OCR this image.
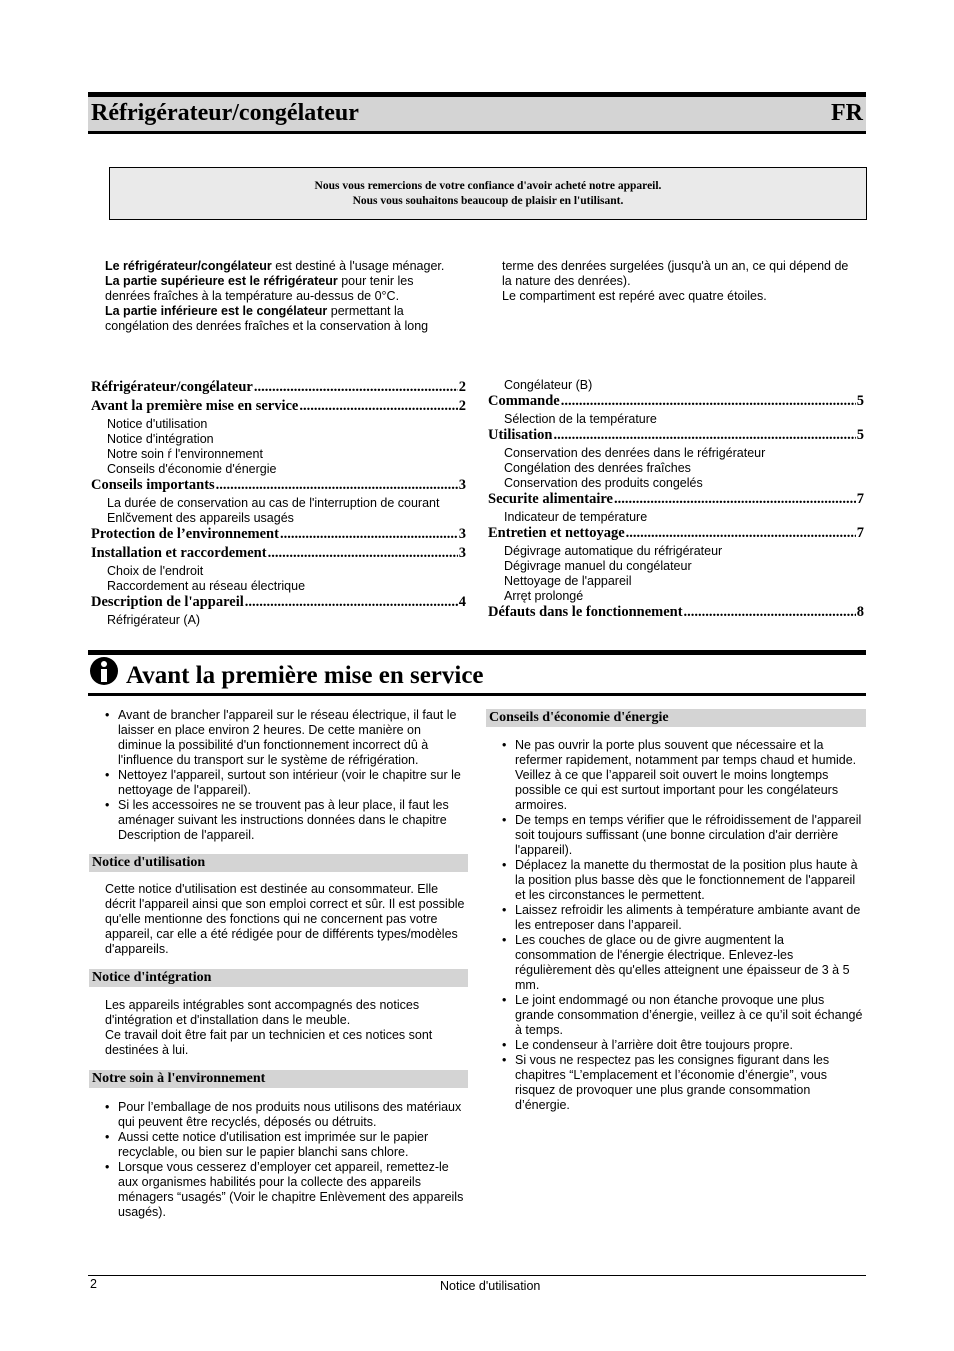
Réfrigérateur/congélateur	FR
Nous vous remercions de votre confiance d'avoir acheté notre appareil.
Nous vous souhaitons beaucoup de plaisir en l'utilisant.
Le réfrigérateur/congélateur est destiné à l'usage ménager.
La partie supérieure est le réfrigérateur pour tenir les
denrées fraîches à la température au-dessus de 0°C.
La partie inférieure est le congélateur permettant la
congélation des denrées fraîches et la conservation à long
terme des denrées surgelées (jusqu'à un an, ce qui dépend de
la nature des denrées).
Le compartiment est repéré avec quatre étoiles.
Réfrigérateur/congélateur .....	2
Avant la première mise en service .....	2
Notice d'utilisation
Notice d'intégration
Notre soin ŕ l'environnement
Conseils d'économie d'énergie
Conseils importants .....	3
La durée de conservation au cas de l'interruption de courant
Enlčvement des appareils usagés
Protection de l’environnement .....	3
Installation et raccordement .....	3
Choix de l'endroit
Raccordement au réseau électrique
Description de l'appareil .....	4
Réfrigérateur (A)
Congélateur (B)
Commande .....	5
Sélection de la température
Utilisation .....	5
Conservation des denrées dans le réfrigérateur
Congélation des denrées fraîches
Conservation des produits congelés
Securite alimentaire .....	7
Indicateur de température
Entretien et nettoyage .....	7
Dégivrage automatique du réfrigérateur
Dégivrage manuel du congélateur
Nettoyage de l'appareil
Arręt prolongé
Défauts dans le fonctionnement .....	8
Avant la première mise en service
• Avant de brancher l'appareil sur le réseau électrique, il faut le laisser en place environ 2 heures. De cette manière on diminue la possibilité d'un fonctionnement incorrect dû à l'influence du transport sur le système de réfrigération.
• Nettoyez l'appareil, surtout son intérieur (voir le chapitre sur le nettoyage de l'appareil).
• Si les accessoires ne se trouvent pas à leur place, il faut les aménager suivant les instructions données dans le chapitre Description de l'appareil.
Notice d'utilisation
Cette notice d'utilisation est destinée au consommateur. Elle décrit l'appareil ainsi que son emploi correct et sûr. Il est possible qu'elle mentionne des fonctions qui ne concernent pas votre appareil, car elle a été rédigée pour de différents types/modèles d'appareils.
Notice d'intégration
Les appareils intégrables sont accompagnés des notices d'intégration et d'installation dans le meuble.
Ce travail doit être fait par un technicien et ces notices sont destinées à lui.
Notre soin à l'environnement
• Pour l’emballage de nos produits nous utilisons des matériaux qui peuvent être recyclés, déposés ou détruits.
• Aussi cette notice d'utilisation est imprimée sur le papier recyclable, ou bien sur le papier blanchi sans chlore.
• Lorsque vous cesserez d’employer cet appareil, remettez-le aux organismes habilités pour la collecte des appareils ménagers “usagés” (Voir le chapitre Enlèvement des appareils usagés).
Conseils d'économie d'énergie
• Ne pas ouvrir la porte plus souvent que nécessaire et la refermer rapidement, notamment par temps chaud et humide. Veillez à ce que l’appareil soit ouvert le moins longtemps possible ce qui est surtout important pour les congélateurs armoires.
• De temps en temps vérifier que le réfroidissement de l'appareil soit toujours suffissant (une bonne circulation d'air derrière l'appareil).
• Déplacez la manette du thermostat de la position plus haute à la position plus basse dès que le fonctionnement de l'appareil et les circonstances le permettent.
• Laissez refroidir les aliments à température ambiante avant de les entreposer dans l’appareil.
• Les couches de glace ou de givre augmentent la consommation de l'énergie électrique. Enlevez-les régulièrement dès qu'elles atteignent une épaisseur de 3 à 5 mm.
• Le joint endommagé ou non étanche provoque une plus grande consommation d’énergie, veillez à ce qu’il soit échangé à temps.
• Le condenseur à l’arrière doit être toujours propre.
• Si vous ne respectez pas les consignes figurant dans les chapitres “L’emplacement et l’économie d’énergie”, vous risquez de provoquer une plus grande consommation d’énergie.
2	Notice d'utilisation
